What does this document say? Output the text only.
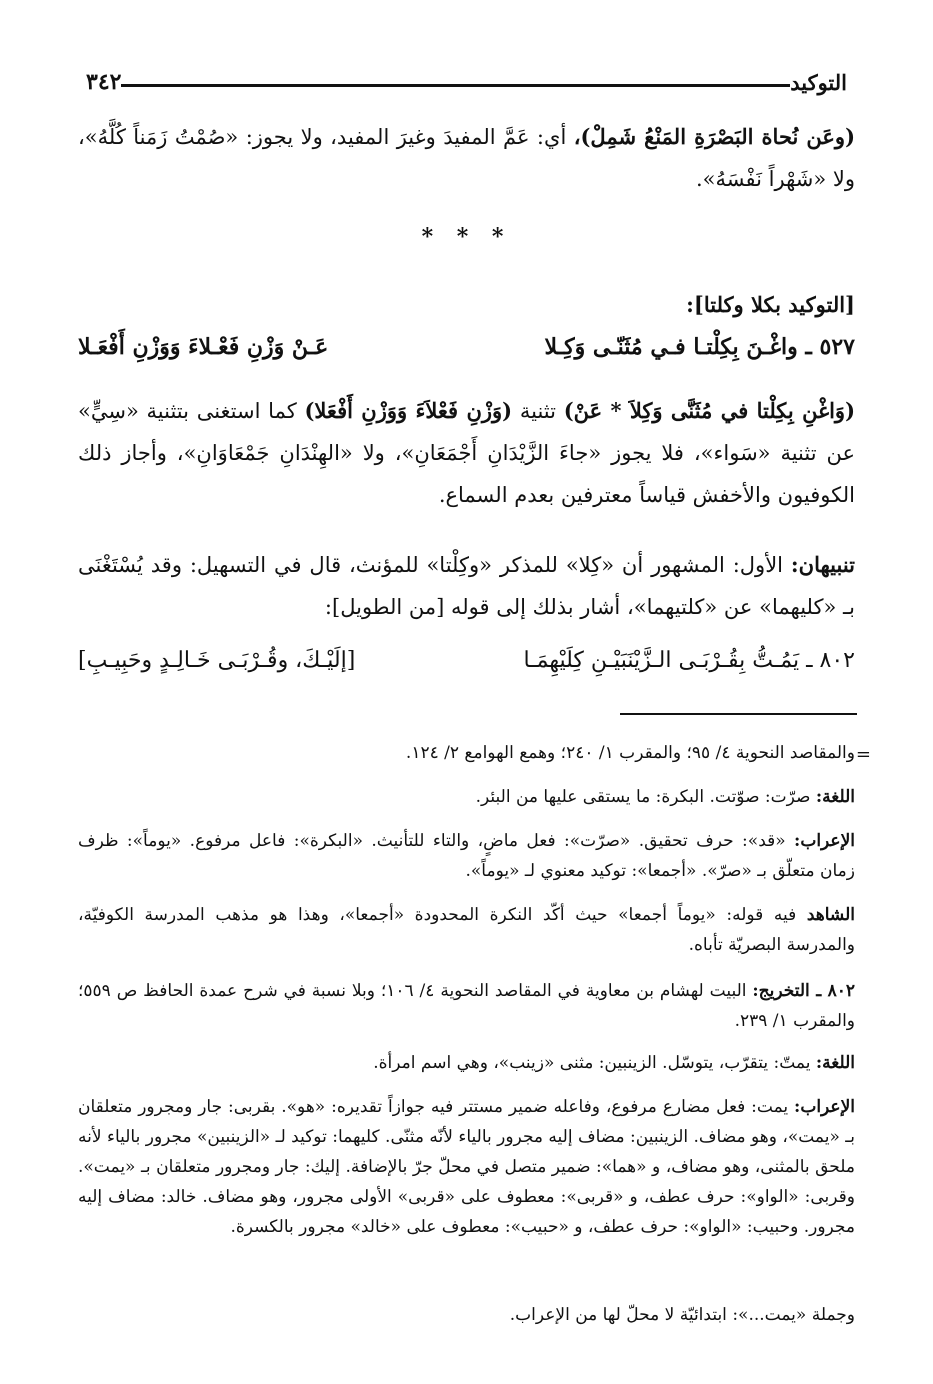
التوكيد
٣٤٢
(وعَن نُحاة البَصْرَةِ المَنْعُ شَمِلْ)، أي: عَمَّ المفيدَ وغيرَ المفيد، ولا يجوز: «صُمْتُ زَمَناً كُلَّهُ»، ولا «شَهْراً نَفْسَهُ».
* * *
[التوكيد بكلا وكلتا]:
٥٢٧ ـ واغْـنَ بِكِلْتـا فـي مُثَنّـى وَكِـلا
عَـنْ وَزْنِ فَعْـلاءَ وَوَزْنِ أَفْعَـلا
(وَاغْنِ بِكِلْتا في مُثَنَّى وَكِلاَ * عَنْ) تثنية (وَزْنِ فَعْلاَءَ وَوَزْنِ أَفْعَلا) كما استغنى بتثنية «سِيٍّ» عن تثنية «سَواء»، فلا يجوز «جاءَ الزَّيْدَانِ أَجْمَعَانِ»، ولا «الهِنْدَانِ جَمْعَاوَانِ»، وأجاز ذلك الكوفيون والأخفش قياساً معترفين بعدم السماع.
تنبيهان: الأول: المشهور أن «كِلا» للمذكر «وكِلْتا» للمؤنث، قال في التسهيل: وقد يُسْتَغْنَى بـ «كليهما» عن «كلتيهما»، أشار بذلك إلى قوله [من الطويل]:
٨٠٢ ـ يَمُـتُّ بِقُـرْبَـى الـزَّيْنَبَيْـنِ كِلَيْهِمَـا
[إلَيْـكَ، وقُـرْبَـى خَـالِـدٍ وحَبِيـبِ]
=
والمقاصد النحوية ٤/ ٩٥؛ والمقرب ١/ ٢٤٠؛ وهمع الهوامع ٢/ ١٢٤.
اللغة: صرّت: صوّتت. البكرة: ما يستقى عليها من البئر.
الإعراب: «قد»: حرف تحقيق. «صرّت»: فعل ماضٍ، والتاء للتأنيث. «البكرة»: فاعل مرفوع. «يوماً»: ظرف زمان متعلّق بـ «صرّ». «أجمعا»: توكيد معنوي لـ «يوماً».
الشاهد فيه قوله: «يوماً أجمعا» حيث أكّد النكرة المحدودة «أجمعا»، وهذا هو مذهب المدرسة الكوفيّة، والمدرسة البصريّة تأباه.
٨٠٢ ـ التخريج: البيت لهشام بن معاوية في المقاصد النحوية ٤/ ١٠٦؛ وبلا نسبة في شرح عمدة الحافظ ص ٥٥٩؛ والمقرب ١/ ٢٣٩.
اللغة: يمتّ: يتقرّب، يتوسّل. الزينبين: مثنى «زينب»، وهي اسم امرأة.
الإعراب: يمت: فعل مضارع مرفوع، وفاعله ضمير مستتر فيه جوازاً تقديره: «هو». بقربى: جار ومجرور متعلقان بـ «يمت»، وهو مضاف. الزينبين: مضاف إليه مجرور بالياء لأنّه مثنّى. كليهما: توكيد لـ «الزينبين» مجرور بالياء لأنه ملحق بالمثنى، وهو مضاف، و «هما»: ضمير متصل في محلّ جرّ بالإضافة. إليك: جار ومجرور متعلقان بـ «يمت». وقربى: «الواو»: حرف عطف، و «قربى»: معطوف على «قربى» الأولى مجرور، وهو مضاف. خالد: مضاف إليه مجرور. وحبيب: «الواو»: حرف عطف، و «حبيب»: معطوف على «خالد» مجرور بالكسرة.
وجملة «يمت...»: ابتدائيّة لا محلّ لها من الإعراب.
